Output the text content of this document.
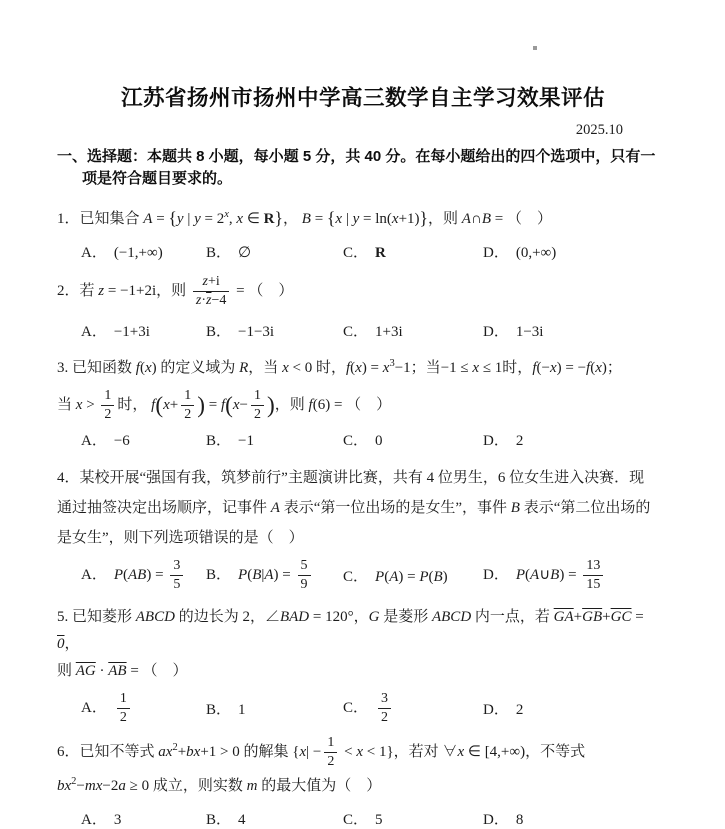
江苏省扬州市扬州中学高三数学自主学习效果评估
2025.10
一、选择题：本题共 8 小题，每小题 5 分，共 40 分。在每小题给出的四个选项中，只有一
项是符合题目要求的。
1．已知集合 A = {y | $y = 2^x$, x ∈ R}， B = {x | y = ln(x+1)}，则 A∩B = （　）
A． (−1,+∞)	B． ∅	C． R	D． (0,+∞)
2．若 z = −1+2i，则 $\frac{z+i}{z\cdot\overline{z}-4}$ = （　）
A． −1+3i	B． −1−3i	C． 1+3i	D． 1−3i
3. 已知函数 f(x) 的定义域为 R，当 x < 0 时，$f(x) = x^3-1$；当−1 ≤ x ≤ 1时，f(−x) = −f(x)；
当 $x > \frac{1}{2}$ 时， $f(x+ \frac{1}{2}$ ) = $f(x- \frac{1}{2}$ )，则 f(6) = （　）
A． −6	B． −1	C． 0	D． 2
4．某校开展“强国有我，筑梦前行”主题演讲比赛，共有 4 位男生，6 位女生进入决赛．现
通过抽签决定出场顺序，记事件 A 表示“第一位出场的是女生”，事件 B 表示“第二位出场的
是女生”，则下列选项错误的是（　）
A． $P(AB) = \frac{3}{5}$ B． $P(B|A) = \frac{5}{9}$ C． P(A) = P(B)	D． P(A∪B) = $\frac{13}{15}$
5. 已知菱形 ABCD 的边长为 2，∠BAD = 120°，G 是菱形 ABCD 内一点，若 $\overline{GA}+\overline{GB}+\overline{GC} = 0$，
则 $\overline{AG} \cdot \overline{AB}$ = （　）
A． $\frac{1}{2}$	B． 1	C． $\frac{3}{2}$	D． 2
6．已知不等式 $ax^2+bx+1 > 0$ 的解集 $\{x| - \frac{1}{2} < x < 1\}$，若对 ∀x ∈ [4,+∞)，不等式
$bx^2-mx-2a \ge 0$ 成立，则实数 m 的最大值为（　）
A． 3	B． 4	C． 5	D． 8
